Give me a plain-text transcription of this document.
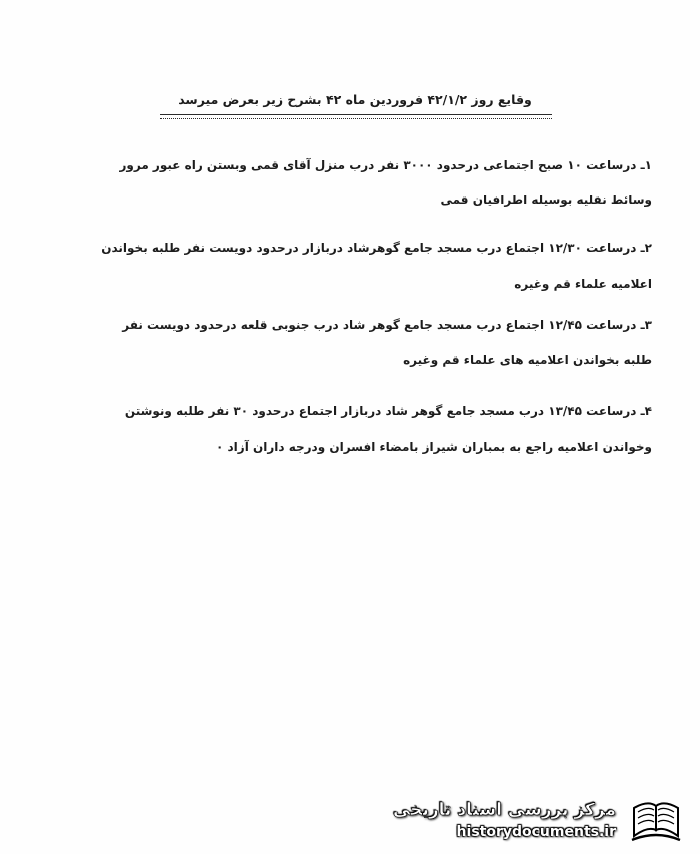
وقایع روز ۴۲/۱/۲ فروردین ماه ۴۲ بشرح زیر بعرض میرسد
۱ـ درساعت ۱۰ صبح اجتماعی درحدود ۳۰۰۰ نفر درب منزل آقای قمی وبستن راه عبور مرور
وسائط نقلیه بوسیله اطرافیان قمی
۲ـ درساعت ۱۲/۳۰ اجتماع درب مسجد جامع گوهرشاد دربازار درحدود دویست نفر طلبه بخواندن
اعلامیه علماء قم وغیره
۳ـ درساعت ۱۲/۴۵ اجتماع درب مسجد جامع گوهر شاد درب جنوبی قلعه درحدود دویست نفر
طلبه بخواندن اعلامیه های علماء قم وغیره
۴ـ درساعت ۱۳/۴۵ درب مسجد جامع گوهر شاد دربازار اجتماع درحدود ۳۰ نفر طلبه ونوشتن
وخواندن اعلامیه راجع به بمباران شیراز بامضاء افسران ودرجه داران آزاد ۰
مرکز بررسی اسناد تاریخی
historydocuments.ir
